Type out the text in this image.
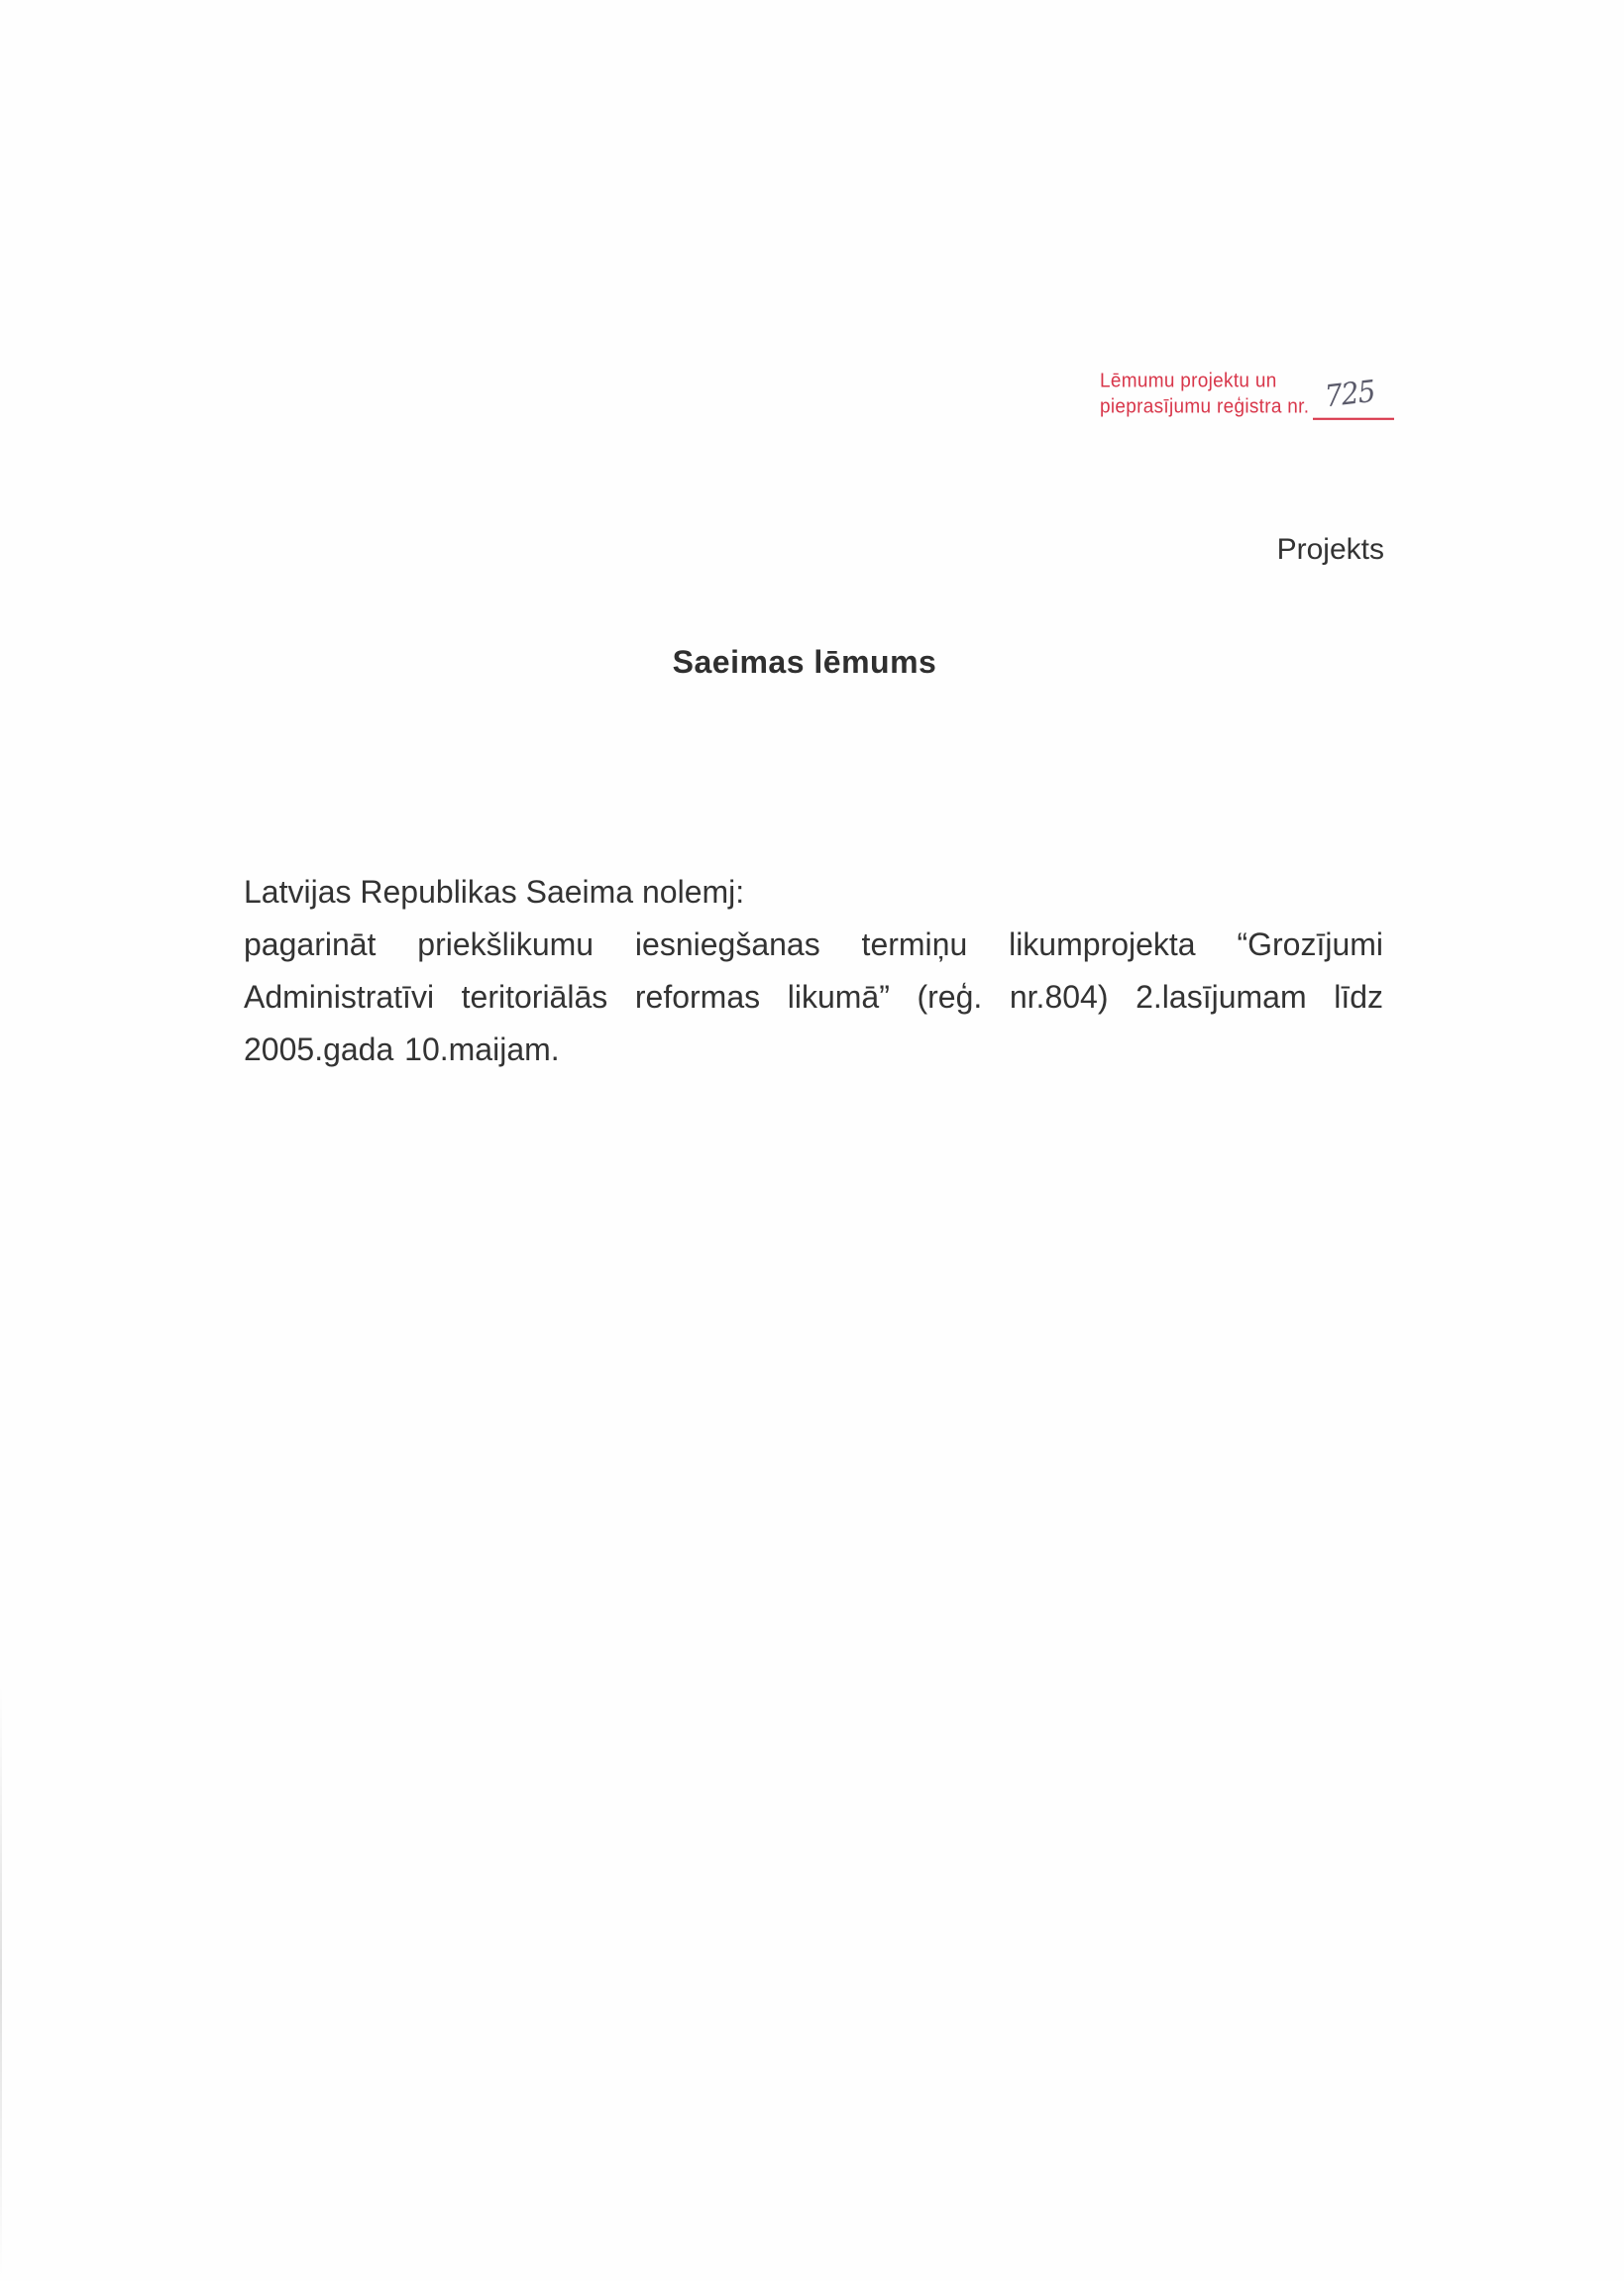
Lēmumu projektu un
pieprasījumu reģistra nr. 725
Projekts
Saeimas lēmums
Latvijas Republikas Saeima nolemj:
pagarināt priekšlikumu iesniegšanas termiņu likumprojekta “Grozījumi Administratīvi teritoriālās reformas likumā” (reģ. nr.804) 2.lasījumam līdz 2005.gada 10.maijam.
